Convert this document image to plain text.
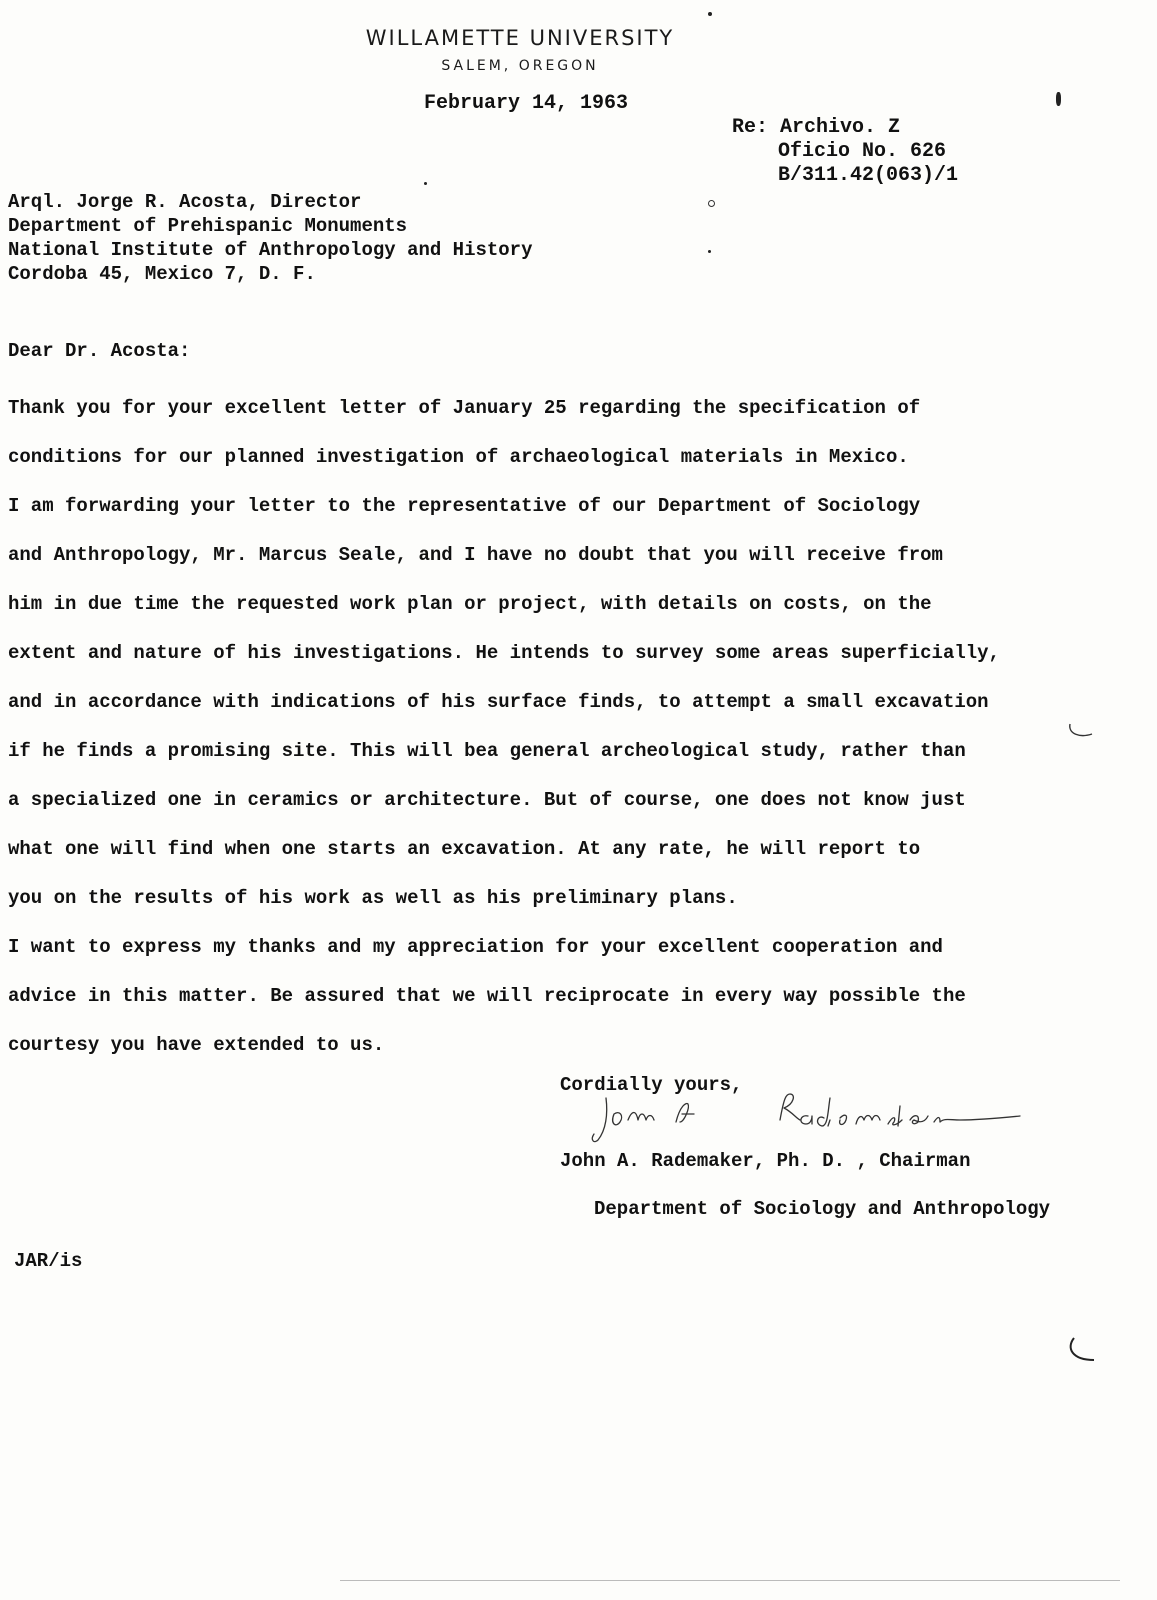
WILLAMETTE UNIVERSITY
SALEM, OREGON
February 14, 1963
Re: Archivo. Z
Oficio No. 626
B/311.42(063)/1
Arql. Jorge R. Acosta, Director
Department of Prehispanic Monuments
National Institute of Anthropology and History
Cordoba 45, Mexico 7, D. F.
Dear Dr. Acosta:
Thank you for your excellent letter of January 25 regarding the specification of
conditions for our planned investigation of archaeological materials in Mexico.
I am forwarding your letter to the representative of our Department of Sociology
and Anthropology, Mr. Marcus Seale, and I have no doubt that you will receive from
him in due time the requested work plan or project, with details on costs, on the
extent and nature of his investigations. He intends to survey some areas superficially,
and in accordance with indications of his surface finds, to attempt a small excavation
if he finds a promising site. This will bea general archeological study, rather than
a specialized one in ceramics or architecture. But of course, one does not know just
what one will find when one starts an excavation. At any rate, he will report to
you on the results of his work as well as his preliminary plans.
I want to express my thanks and my appreciation for your excellent cooperation and
advice in this matter. Be assured that we will reciprocate in every way possible the
courtesy you have extended to us.
Cordially yours,
John A. Rademaker, Ph. D. , Chairman
Department of Sociology and Anthropology
JAR/is
